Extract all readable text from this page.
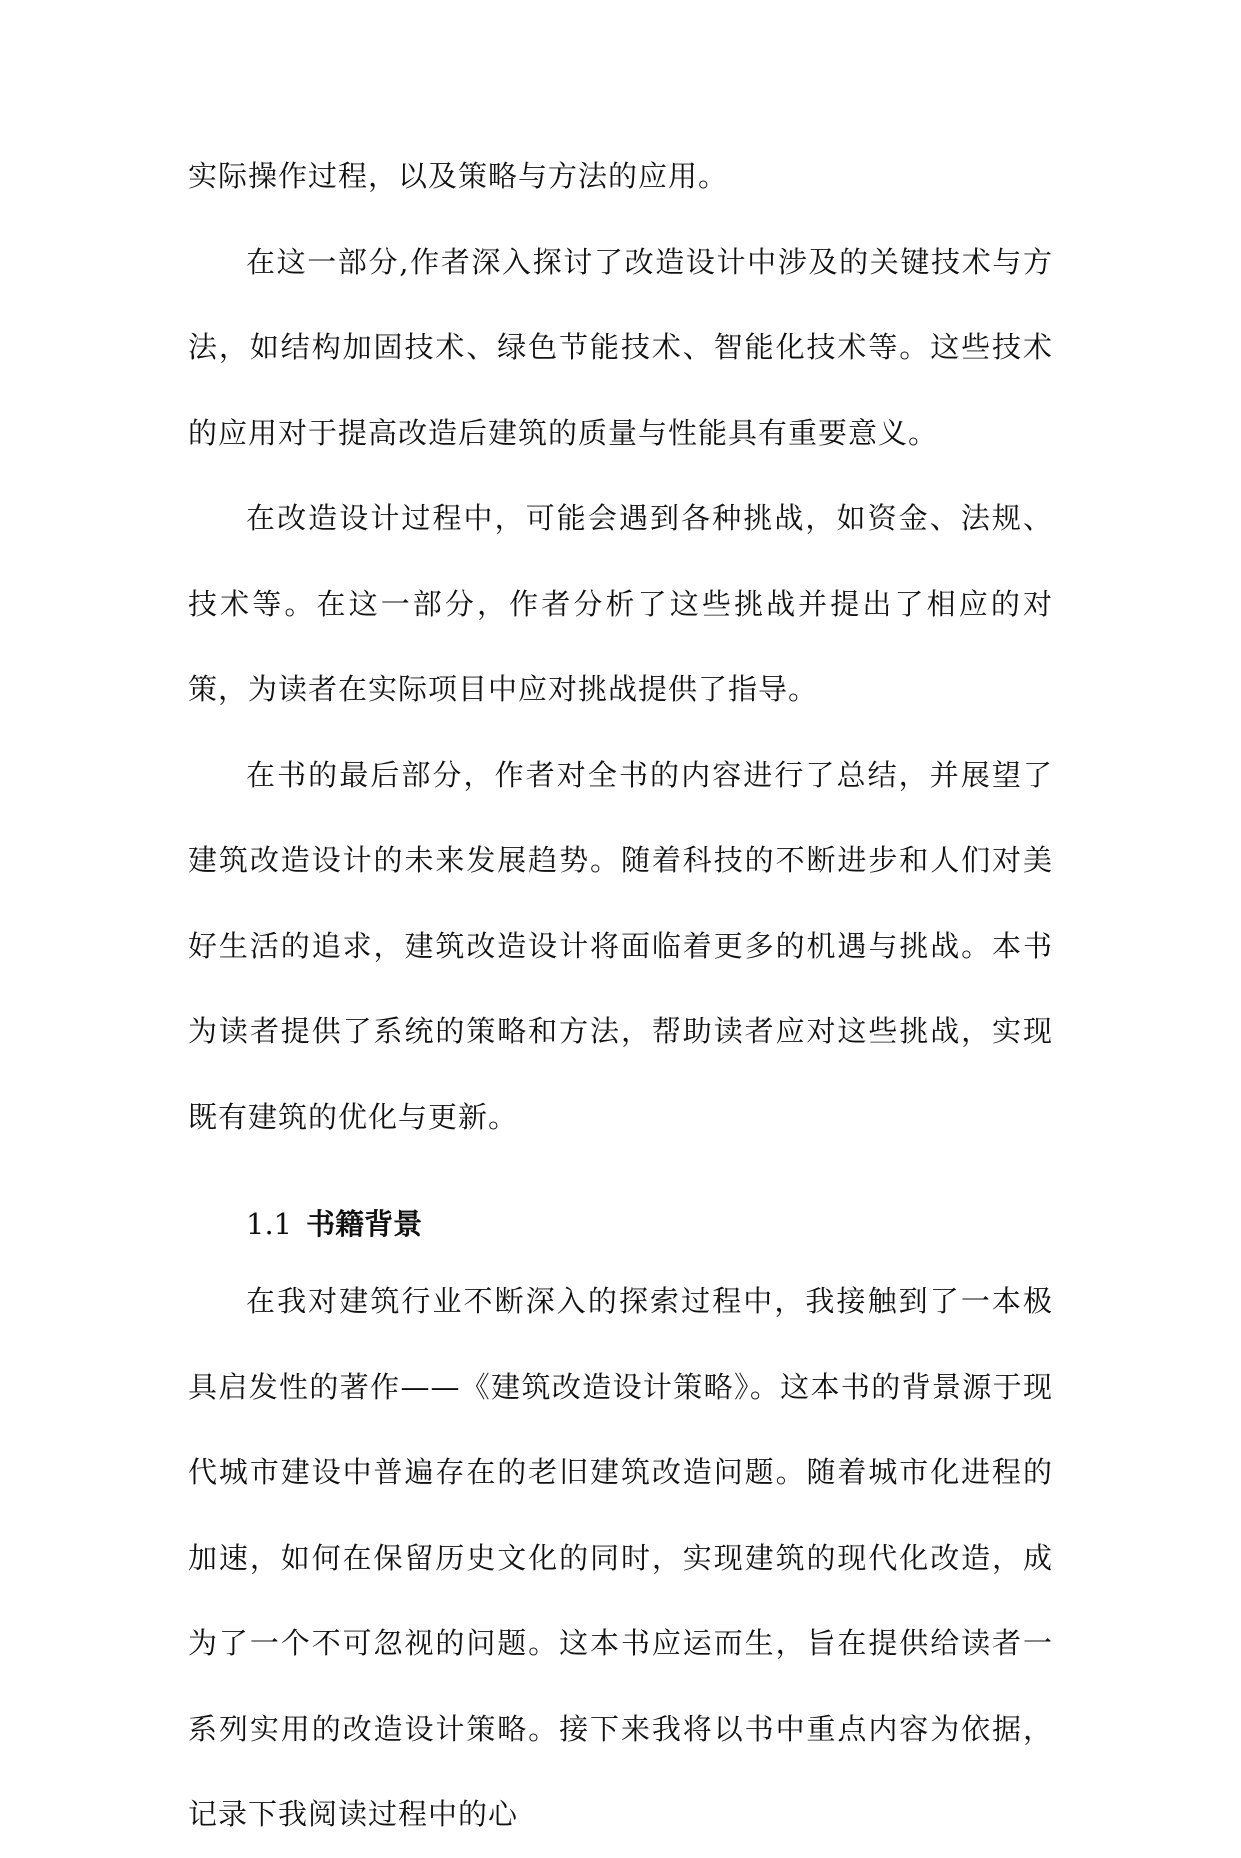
实际操作过程，以及策略与方法的应用。

在这一部分,作者深入探讨了改造设计中涉及的关键技术与方法，如结构加固技术、绿色节能技术、智能化技术等。这些技术的应用对于提高改造后建筑的质量与性能具有重要意义。

在改造设计过程中，可能会遇到各种挑战，如资金、法规、技术等。在这一部分，作者分析了这些挑战并提出了相应的对策，为读者在实际项目中应对挑战提供了指导。

在书的最后部分，作者对全书的内容进行了总结，并展望了建筑改造设计的未来发展趋势。随着科技的不断进步和人们对美好生活的追求，建筑改造设计将面临着更多的机遇与挑战。本书为读者提供了系统的策略和方法，帮助读者应对这些挑战，实现既有建筑的优化与更新。

1.1 书籍背景

在我对建筑行业不断深入的探索过程中，我接触到了一本极具启发性的著作——《建筑改造设计策略》。这本书的背景源于现代城市建设中普遍存在的老旧建筑改造问题。随着城市化进程的加速，如何在保留历史文化的同时，实现建筑的现代化改造，成为了一个不可忽视的问题。这本书应运而生，旨在提供给读者一系列实用的改造设计策略。接下来我将以书中重点内容为依据，记录下我阅读过程中的心
